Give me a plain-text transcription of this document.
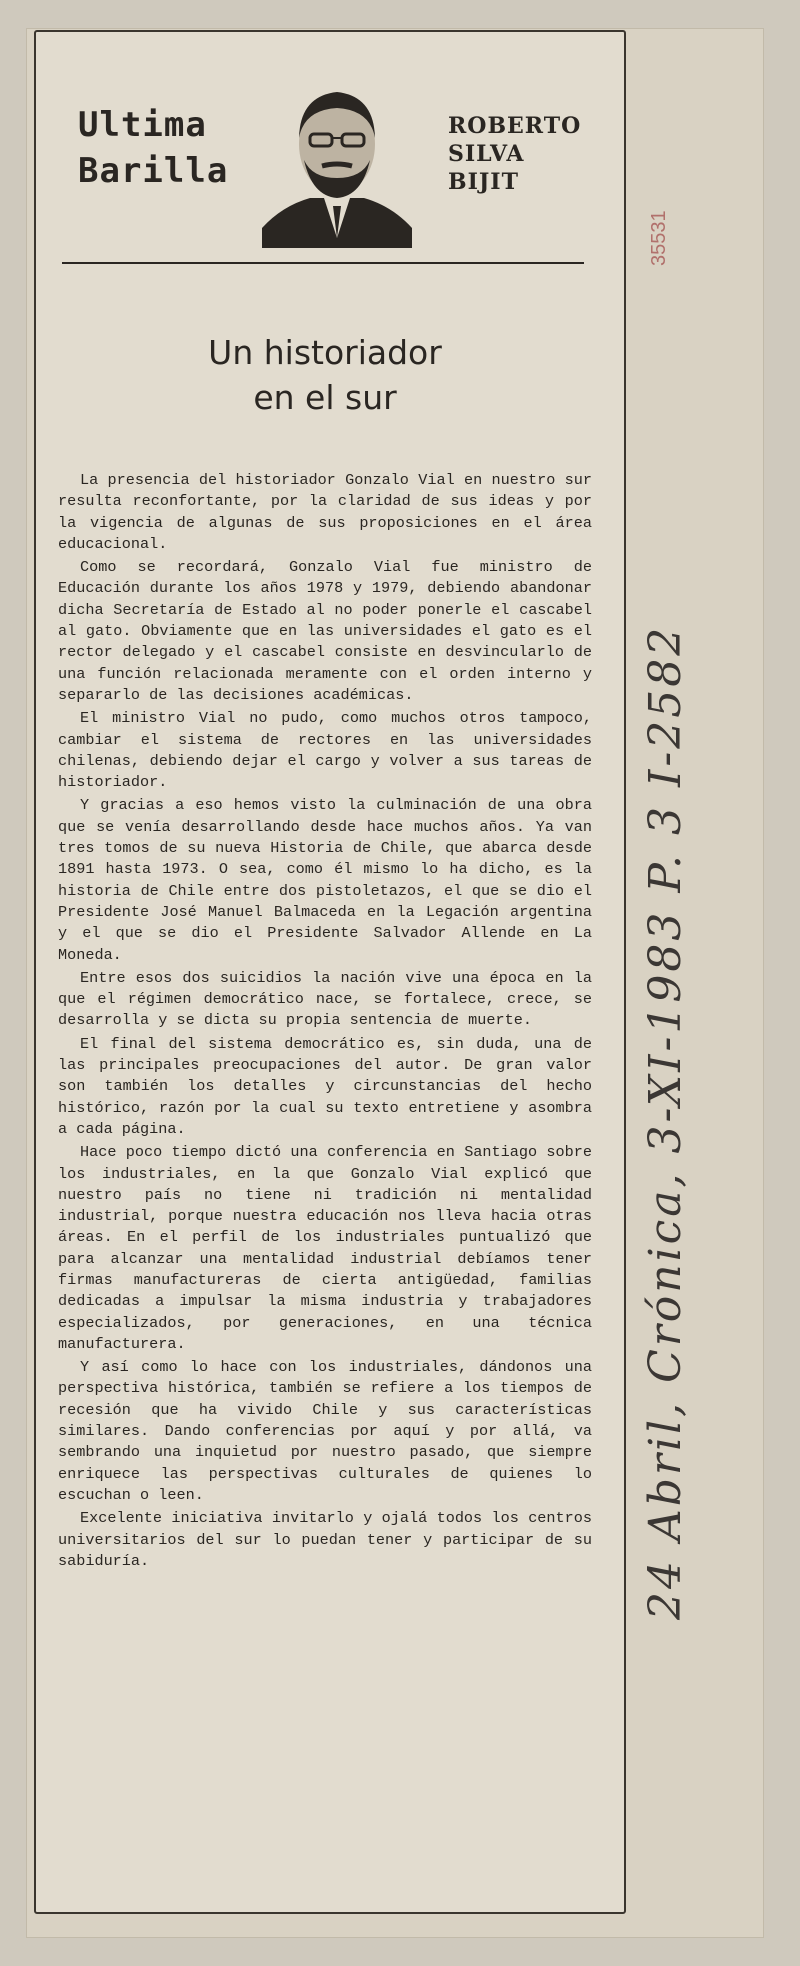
Ultima
Barilla
ROBERTO
SILVA
BIJIT
Un historiador
en el sur

La presencia del historiador Gonzalo Vial en nuestro sur resulta reconfortante, por la claridad de sus ideas y por la vigencia de algunas de sus proposiciones en el área educacional.

Como se recordará, Gonzalo Vial fue ministro de Educación durante los años 1978 y 1979, debiendo abandonar dicha Secretaría de Estado al no poder ponerle el cascabel al gato. Obviamente que en las universidades el gato es el rector delegado y el cascabel consiste en desvincularlo de una función relacionada meramente con el orden interno y separarlo de las decisiones académicas.

El ministro Vial no pudo, como muchos otros tampoco, cambiar el sistema de rectores en las universidades chilenas, debiendo dejar el cargo y volver a sus tareas de historiador.

Y gracias a eso hemos visto la culminación de una obra que se venía desarrollando desde hace muchos años. Ya van tres tomos de su nueva Historia de Chile, que abarca desde 1891 hasta 1973. O sea, como él mismo lo ha dicho, es la historia de Chile entre dos pistoletazos, el que se dio el Presidente José Manuel Balmaceda en la Legación argentina y el que se dio el Presidente Salvador Allende en La Moneda.

Entre esos dos suicidios la nación vive una época en la que el régimen democrático nace, se fortalece, crece, se desarrolla y se dicta su propia sentencia de muerte.

El final del sistema democrático es, sin duda, una de las principales preocupaciones del autor. De gran valor son también los detalles y circunstancias del hecho histórico, razón por la cual su texto entretiene y asombra a cada página.

Hace poco tiempo dictó una conferencia en Santiago sobre los industriales, en la que Gonzalo Vial explicó que nuestro país no tiene ni tradición ni mentalidad industrial, porque nuestra educación nos lleva hacia otras áreas. En el perfil de los industriales puntualizó que para alcanzar una mentalidad industrial debíamos tener firmas manufactureras de cierta antigüedad, familias dedicadas a impulsar la misma industria y trabajadores especializados, por generaciones, en una técnica manufacturera.

Y así como lo hace con los industriales, dándonos una perspectiva histórica, también se refiere a los tiempos de recesión que ha vivido Chile y sus características similares. Dando conferencias por aquí y por allá, va sembrando una inquietud por nuestro pasado, que siempre enriquece las perspectivas culturales de quienes lo escuchan o leen.

Excelente iniciativa invitarlo y ojalá todos los centros universitarios del sur lo puedan tener y participar de su sabiduría.

35531
24 Abril, Crónica, 3-XI-1983 P. 3 I-2582
